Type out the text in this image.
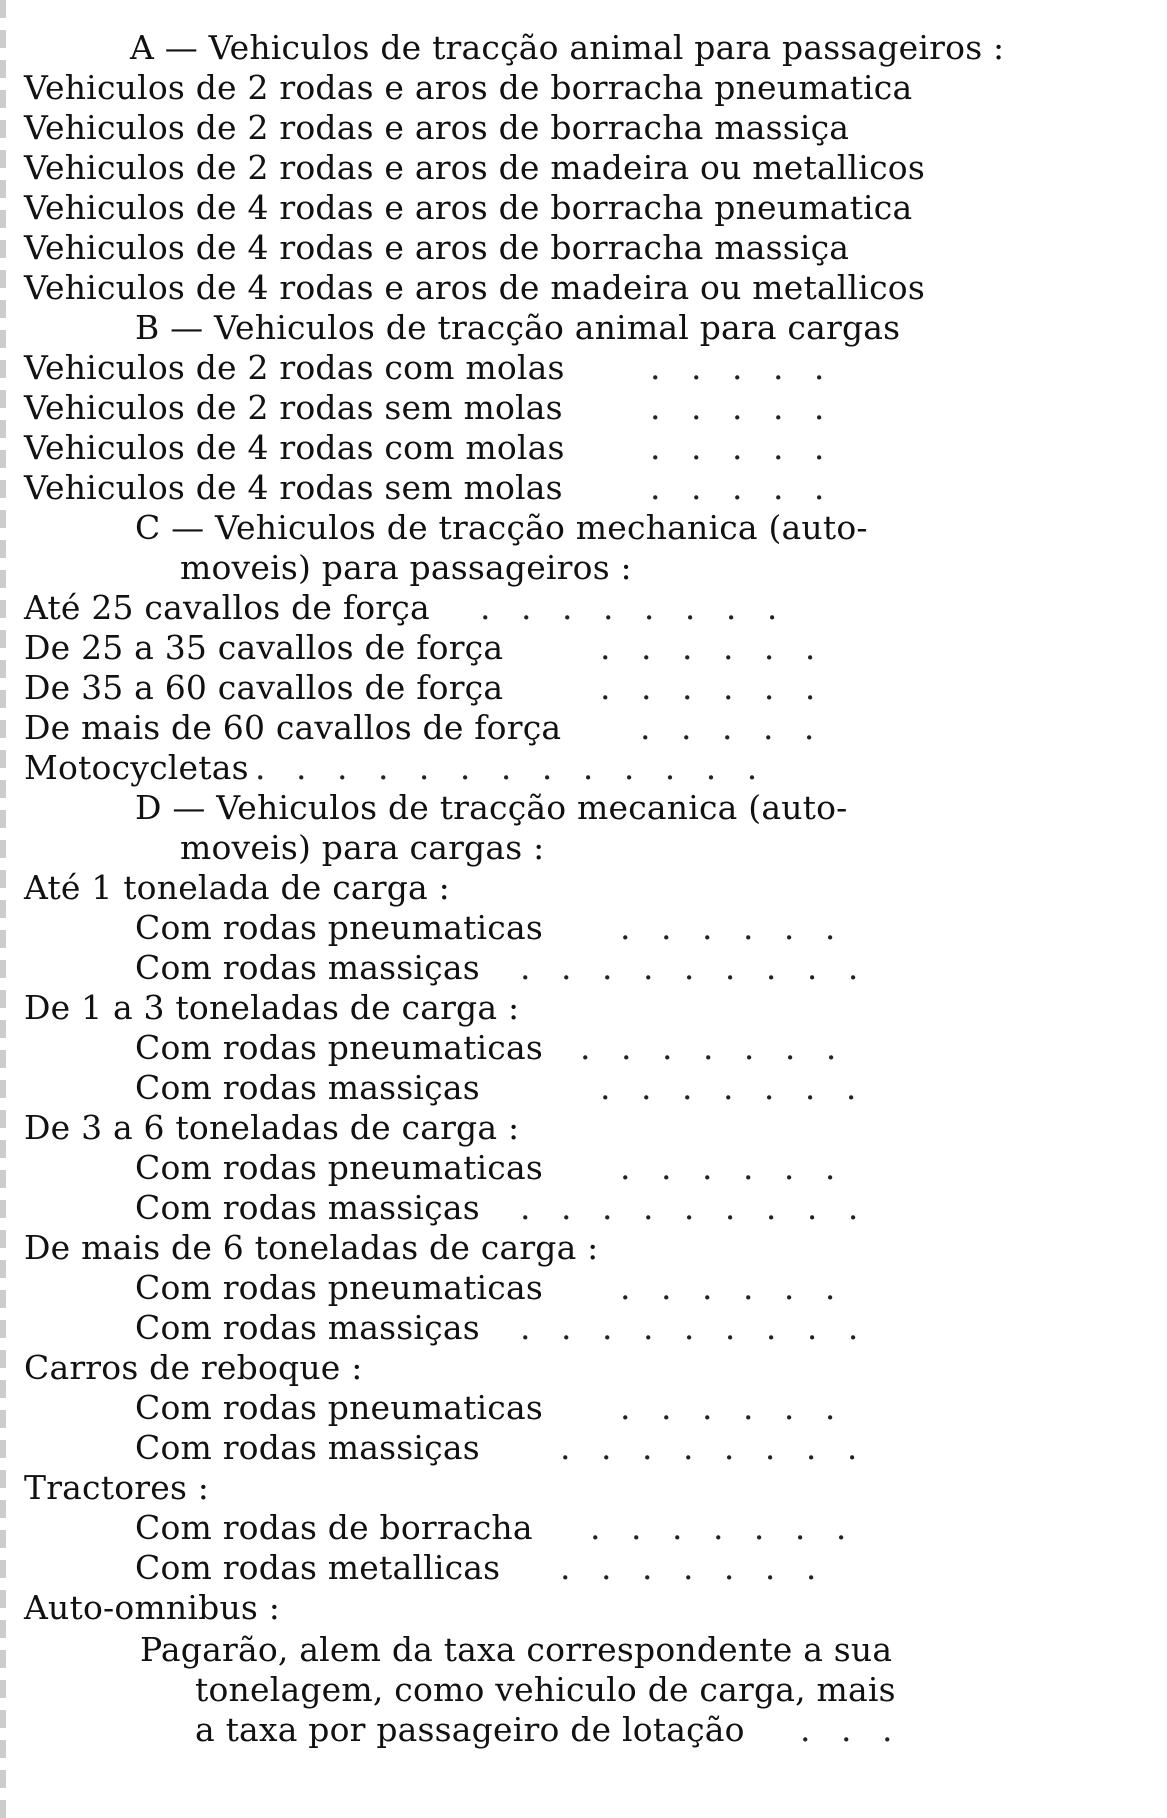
A — Vehiculos de tracção animal para passageiros :
Vehiculos de 2 rodas e aros de borracha pneumatica
Vehiculos de 2 rodas e aros de borracha massiça
Vehiculos de 2 rodas e aros de madeira ou metallicos
Vehiculos de 4 rodas e aros de borracha pneumatica
Vehiculos de 4 rodas e aros de borracha massiça
Vehiculos de 4 rodas e aros de madeira ou metallicos
B — Vehiculos de tracção animal para cargas
Vehiculos de 2 rodas com molas	. . . . .
Vehiculos de 2 rodas sem molas	. . . . .
Vehiculos de 4 rodas com molas	. . . . .
Vehiculos de 4 rodas sem molas	. . . . .
C — Vehiculos de tracção mechanica (auto-
moveis) para passageiros :
Até 25 cavallos de força . . . . . . . .
De 25 a 35 cavallos de força	. . . . . .
De 35 a 60 cavallos de força	. . . . . .
De mais de 60 cavallos de força . . . . .
Motocycletas . . . . . . . . . . . . .
D — Vehiculos de tracção mecanica (auto-
moveis) para cargas :
Até 1 tonelada de carga :
Com rodas pneumaticas . . . . . .
Com rodas massiças . . . . . . . . .
De 1 a 3 toneladas de carga :
Com rodas pneumaticas . . . . . . .
Com rodas massiças	. . . . . . .
De 3 a 6 toneladas de carga :
Com rodas pneumaticas . . . . . .
Com rodas massiças . . . . . . . . .
De mais de 6 toneladas de carga :
Com rodas pneumaticas . . . . . .
Com rodas massiças . . . . . . . . .
Carros de reboque :
Com rodas pneumaticas . . . . . .
Com rodas massiças . . . . . . . .
Tractores :
Com rodas de borracha . . . . . . .
Com rodas metallicas . . . . . . .
Auto-omnibus :
Pagarão, alem da taxa correspondente a sua
tonelagem, como vehiculo de carga, mais
a taxa por passageiro de lotação . . .
